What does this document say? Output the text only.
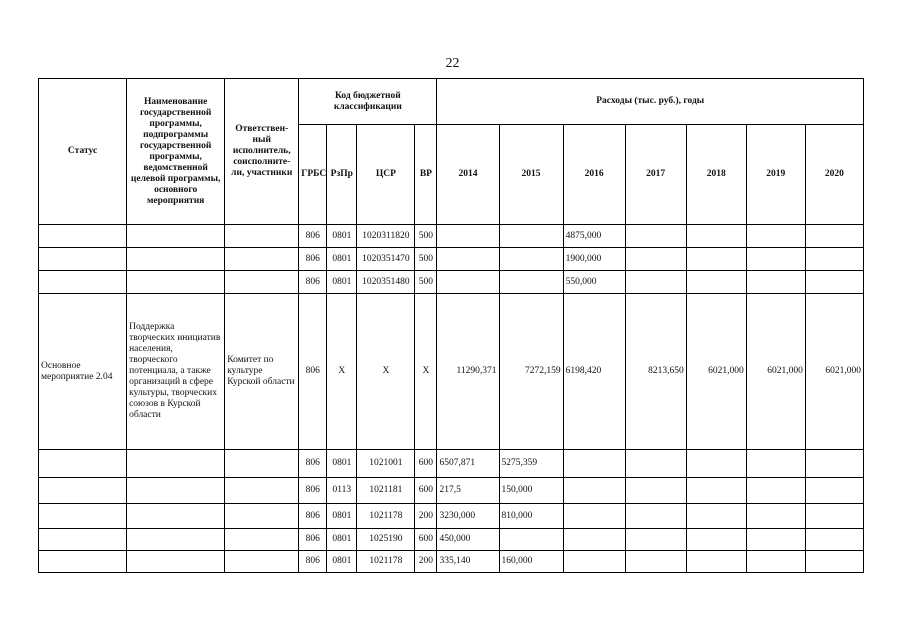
22
Статус	Наименование государственной программы, подпрограммы государственной программы, ведомственной целевой программы, основного мероприятия	Ответствен-ный исполнитель, соисполните-ли, участники	Код бюджетной классификации				Расходы (тыс. руб.), годы						
			ГРБС	РзПр	ЦСР	ВР	2014	2015	2016	2017	2018	2019	2020
			806	0801	1020311820	500			4875,000				
			806	0801	1020351470	500			1900,000				
			806	0801	1020351480	500			550,000				
Основное мероприятие 2.04	Поддержка творческих инициатив населения, творческого потенциала, а также организаций в сфере культуры, творческих союзов в Курской области	Комитет по культуре Курской области	806	X	X	X	11290,371	7272,159	6198,420	8213,650	6021,000	6021,000	6021,000
			806	0801	1021001	600	6507,871	5275,359					
			806	0113	1021181	600	217,5	150,000					
			806	0801	1021178	200	3230,000	810,000					
			806	0801	1025190	600	450,000						
			806	0801	1021178	200	335,140	160,000					
